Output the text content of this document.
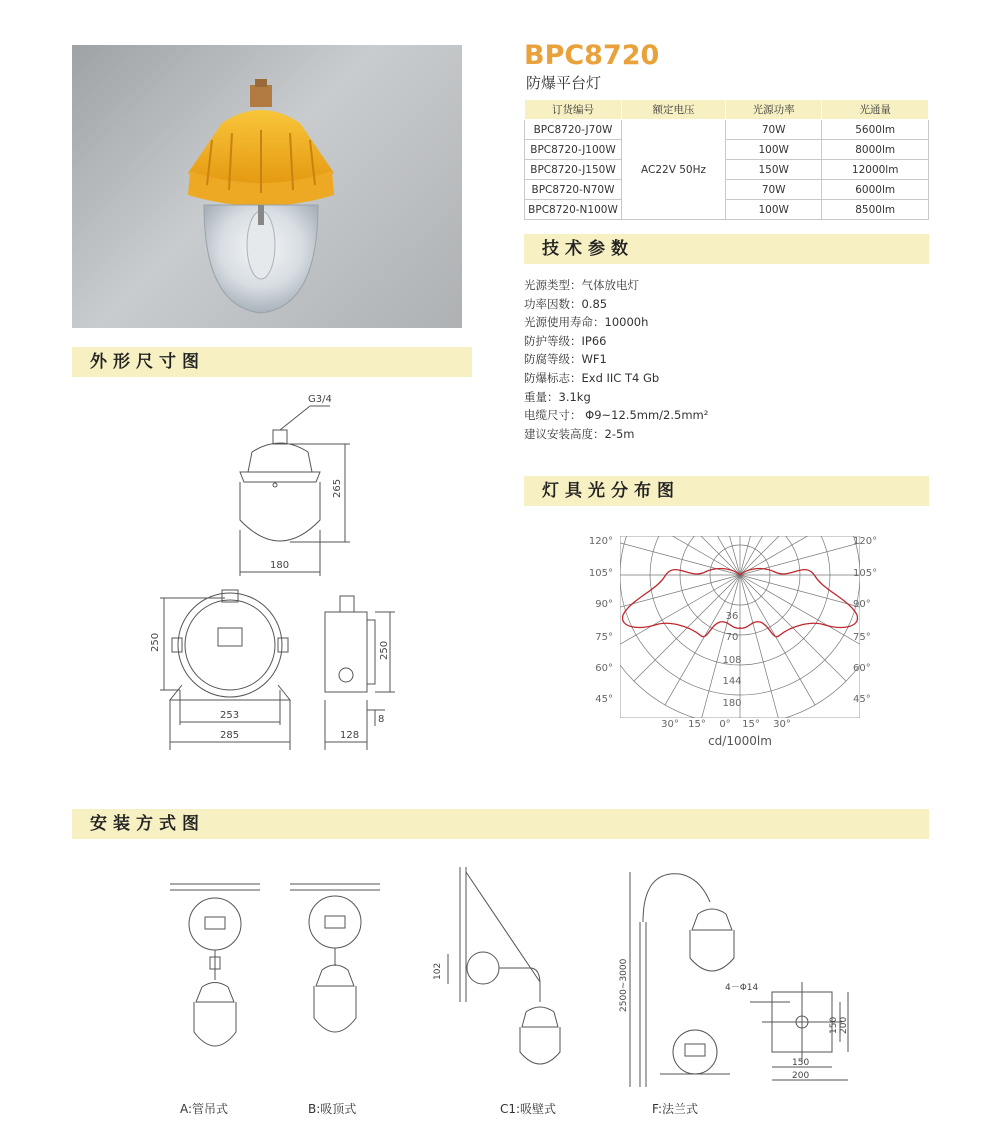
BPC8720
防爆平台灯
订货编号	额定电压	光源功率	光通量
BPC8720-J70W	AC22V 50Hz	70W	5600lm
BPC8720-J100W		100W	8000lm
BPC8720-J150W		150W	12000lm
BPC8720-N70W		70W	6000lm
BPC8720-N100W		100W	8500lm
外形尺寸图
技术参数
灯具光分布图
安装方式图
光源类型：气体放电灯
功率因数：0.85
光源使用寿命：10000h
防护等级：IP66
防腐等级：WF1
防爆标志：Exd IIC T4 Gb
重量：3.1kg
电缆尺寸： Φ9~12.5mm/2.5mm²
建议安装高度：2-5m
G3/4
265
180
250	250
253
285	128
8
120°
105°
90°
75°
60°
45°
120°
105°
90°
75°
60°
45°
30° 15° 0° 15° 30°
36
70
108
144
180
cd/1000lm
102	2500~3000	4－Φ14
150 200
150
200
A:管吊式	B:吸顶式	C1:吸壁式	F:法兰式
